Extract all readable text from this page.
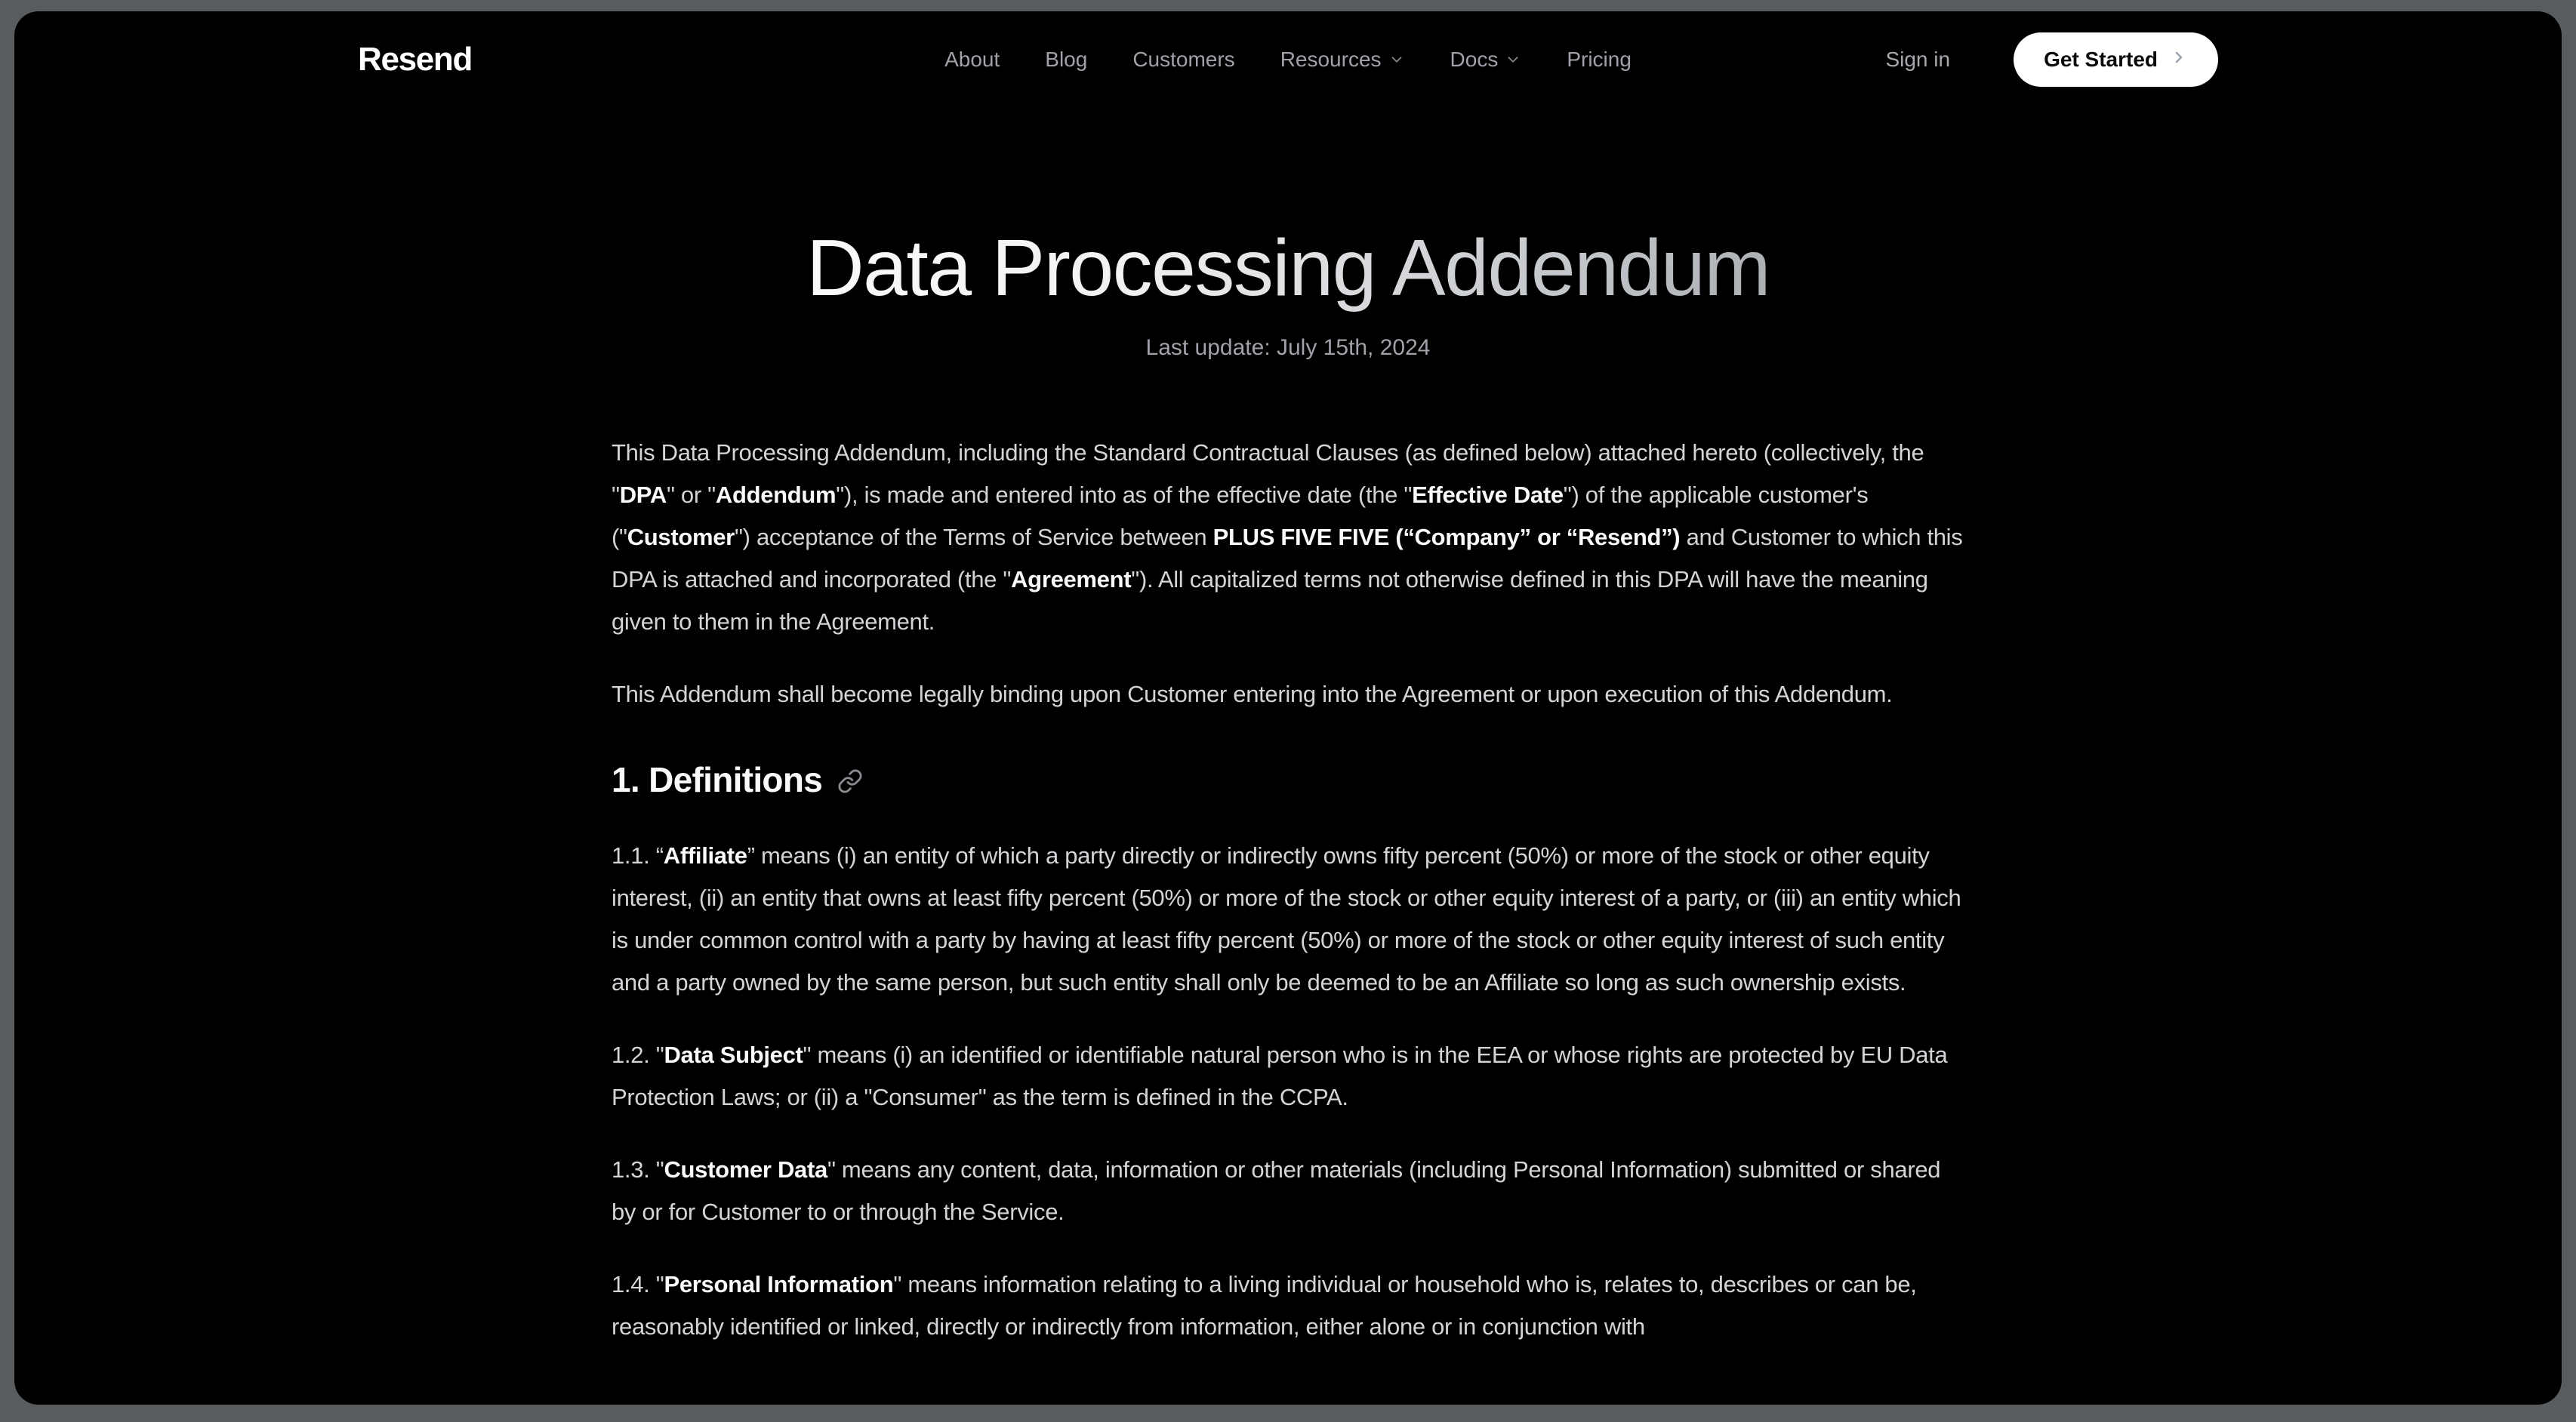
Resend	About Blog Customers Resources	Docs	Pricing	Sign in	Get Started
Data Processing Addendum
Last update: July 15th, 2024

This Data Processing Addendum, including the Standard Contractual Clauses (as defined below) attached hereto (collectively, the "DPA" or "Addendum"), is made and entered into as of the effective date (the "Effective Date") of the applicable customer's ("Customer") acceptance of the Terms of Service between PLUS FIVE FIVE (“Company” or “Resend”) and Customer to which this DPA is attached and incorporated (the "Agreement"). All capitalized terms not otherwise defined in this DPA will have the meaning given to them in the Agreement.

This Addendum shall become legally binding upon Customer entering into the Agreement or upon execution of this Addendum.

1. Definitions

1.1. “Affiliate” means (i) an entity of which a party directly or indirectly owns fifty percent (50%) or more of the stock or other equity interest, (ii) an entity that owns at least fifty percent (50%) or more of the stock or other equity interest of a party, or (iii) an entity which is under common control with a party by having at least fifty percent (50%) or more of the stock or other equity interest of such entity and a party owned by the same person, but such entity shall only be deemed to be an Affiliate so long as such ownership exists.

1.2. "Data Subject" means (i) an identified or identifiable natural person who is in the EEA or whose rights are protected by EU Data Protection Laws; or (ii) a "Consumer" as the term is defined in the CCPA.

1.3. "Customer Data" means any content, data, information or other materials (including Personal Information) submitted or shared by or for Customer to or through the Service.

1.4. "Personal Information" means information relating to a living individual or household who is, relates to, describes or can be, reasonably identified or linked, directly or indirectly from information, either alone or in conjunction with
